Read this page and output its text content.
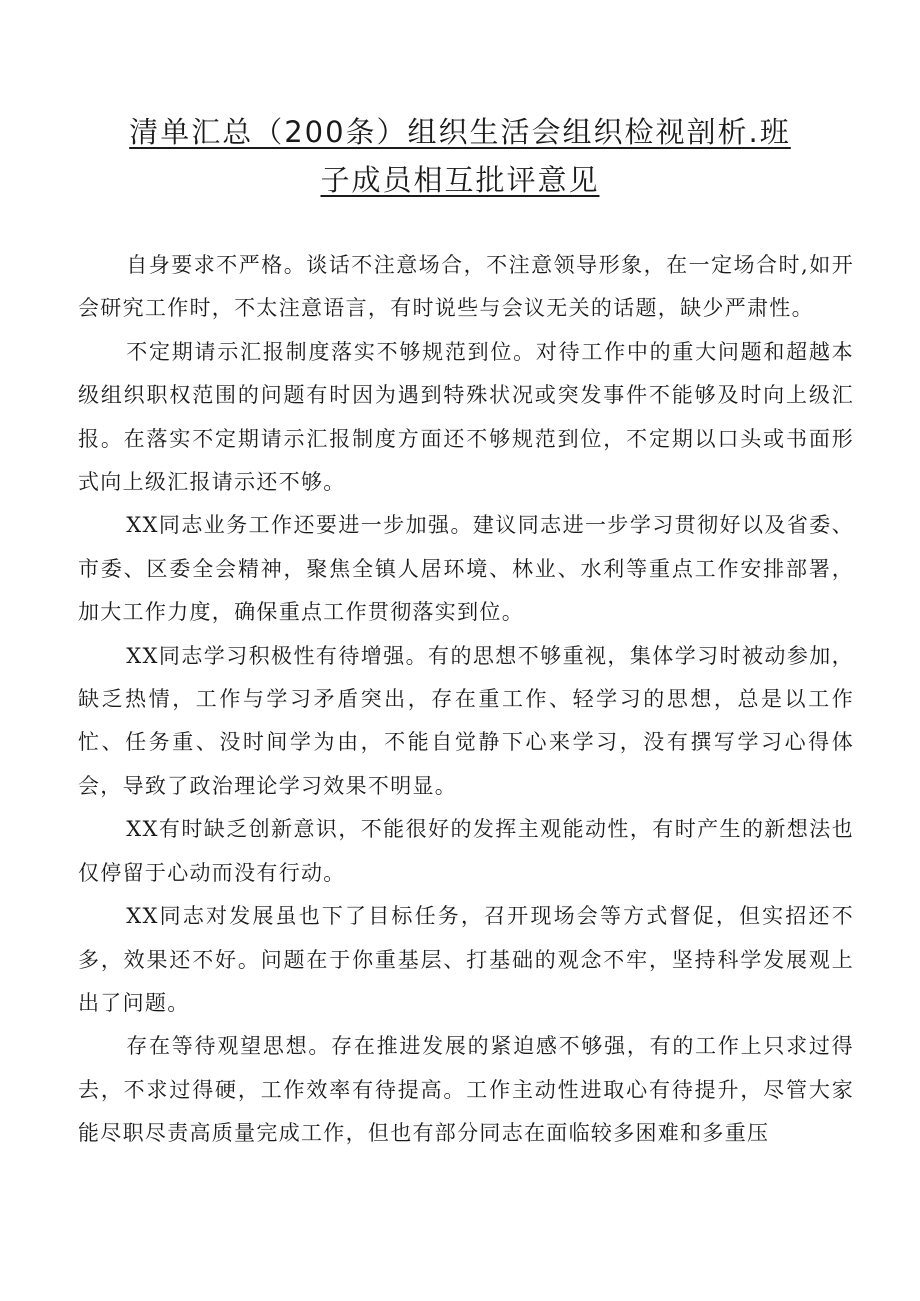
清单汇总（200条）组织生活会组织检视剖析.班
子成员相互批评意见

自身要求不严格。谈话不注意场合，不注意领导形象，在一定场合时,如开会研究工作时，不太注意语言，有时说些与会议无关的话题，缺少严肃性。

不定期请示汇报制度落实不够规范到位。对待工作中的重大问题和超越本级组织职权范围的问题有时因为遇到特殊状况或突发事件不能够及时向上级汇报。在落实不定期请示汇报制度方面还不够规范到位，不定期以口头或书面形式向上级汇报请示还不够。

XX同志业务工作还要进一步加强。建议同志进一步学习贯彻好以及省委、市委、区委全会精神，聚焦全镇人居环境、林业、水利等重点工作安排部署，加大工作力度，确保重点工作贯彻落实到位。

XX同志学习积极性有待增强。有的思想不够重视，集体学习时被动参加，缺乏热情，工作与学习矛盾突出，存在重工作、轻学习的思想，总是以工作忙、任务重、没时间学为由，不能自觉静下心来学习，没有撰写学习心得体会，导致了政治理论学习效果不明显。

XX有时缺乏创新意识，不能很好的发挥主观能动性，有时产生的新想法也仅停留于心动而没有行动。

XX同志对发展虽也下了目标任务，召开现场会等方式督促，但实招还不多，效果还不好。问题在于你重基层、打基础的观念不牢，坚持科学发展观上出了问题。

存在等待观望思想。存在推进发展的紧迫感不够强，有的工作上只求过得去，不求过得硬，工作效率有待提高。工作主动性进取心有待提升，尽管大家能尽职尽责高质量完成工作，但也有部分同志在面临较多困难和多重压
